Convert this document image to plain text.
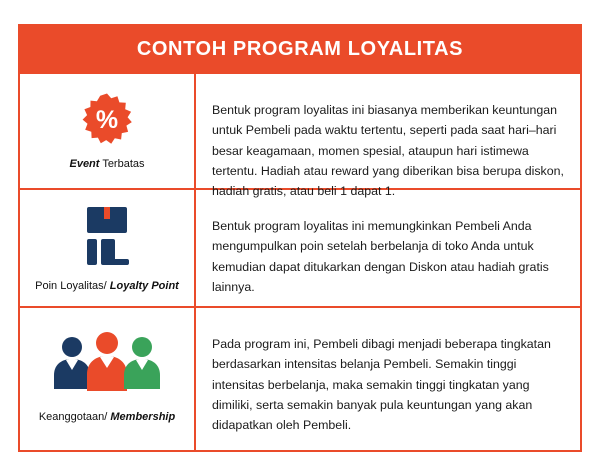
CONTOH PROGRAM LOYALITAS
%
Event Terbatas

Bentuk program loyalitas ini biasanya memberikan keuntungan untuk Pembeli pada waktu tertentu, seperti pada saat hari–hari besar keagamaan, momen spesial, ataupun hari istimewa tertentu. Hadiah atau reward yang diberikan bisa berupa diskon, hadiah gratis, atau beli 1 dapat 1.

Poin Loyalitas/ Loyalty Point

Bentuk program loyalitas ini memungkinkan Pembeli Anda mengumpulkan poin setelah berbelanja di toko Anda untuk kemudian dapat ditukarkan dengan Diskon atau hadiah gratis lainnya.

Keanggotaan/ Membership

Pada program ini, Pembeli dibagi menjadi beberapa tingkatan berdasarkan intensitas belanja Pembeli. Semakin tinggi intensitas berbelanja, maka semakin tinggi tingkatan yang dimiliki, serta semakin banyak pula keuntungan yang akan didapatkan oleh Pembeli.
